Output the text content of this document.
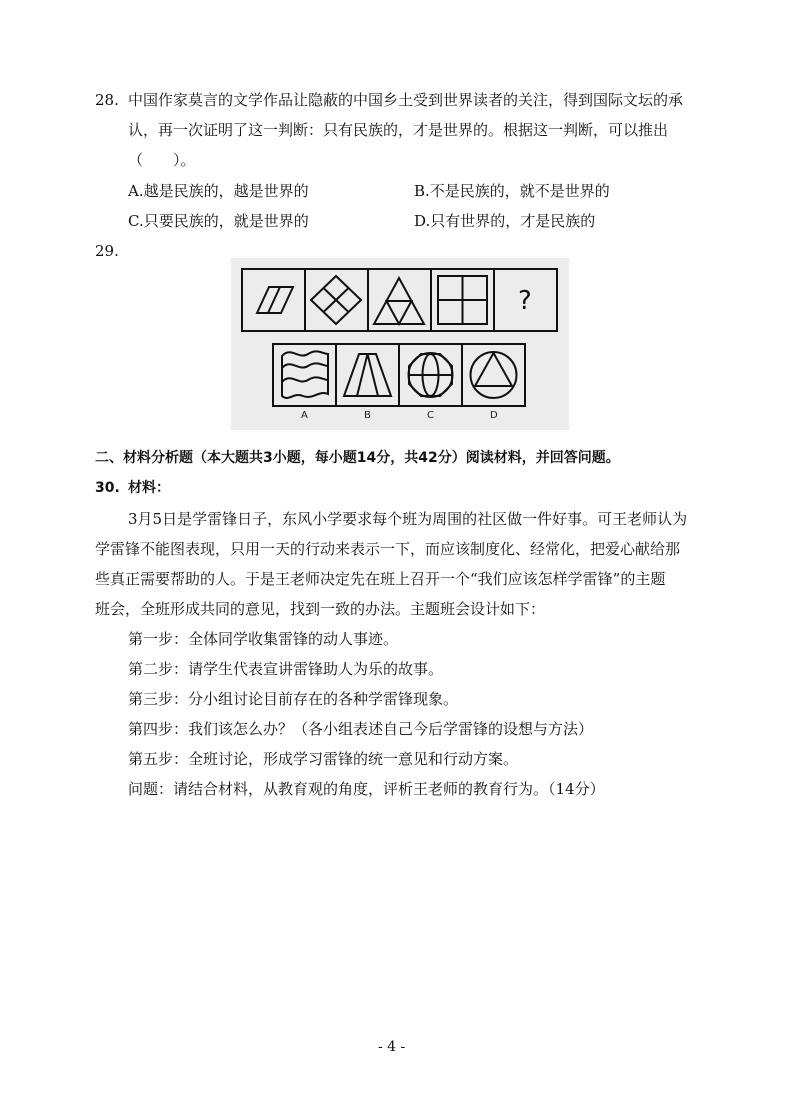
28. 中国作家莫言的文学作品让隐蔽的中国乡土受到世界读者的关注，得到国际文坛的承
认，再一次证明了这一判断：只有民族的，才是世界的。根据这一判断，可以推出
（　　）。
A.越是民族的，越是世界的	B.不是民族的，就不是世界的
C.只要民族的，就是世界的	D.只有世界的，才是民族的
29.
?
A	B	C	D
二、材料分析题（本大题共3小题，每小题14分，共42分）阅读材料，并回答问题。
30. 材料：
3月5日是学雷锋日子，东风小学要求每个班为周围的社区做一件好事。可王老师认为
学雷锋不能图表现，只用一天的行动来表示一下，而应该制度化、经常化，把爱心献给那
些真正需要帮助的人。于是王老师决定先在班上召开一个“我们应该怎样学雷锋”的主题
班会，全班形成共同的意见，找到一致的办法。主题班会设计如下：
第一步：全体同学收集雷锋的动人事迹。
第二步：请学生代表宣讲雷锋助人为乐的故事。
第三步：分小组讨论目前存在的各种学雷锋现象。
第四步：我们该怎么办？（各小组表述自己今后学雷锋的设想与方法）
第五步：全班讨论，形成学习雷锋的统一意见和行动方案。
问题：请结合材料，从教育观的角度，评析王老师的教育行为。（14分）
- 4 -
